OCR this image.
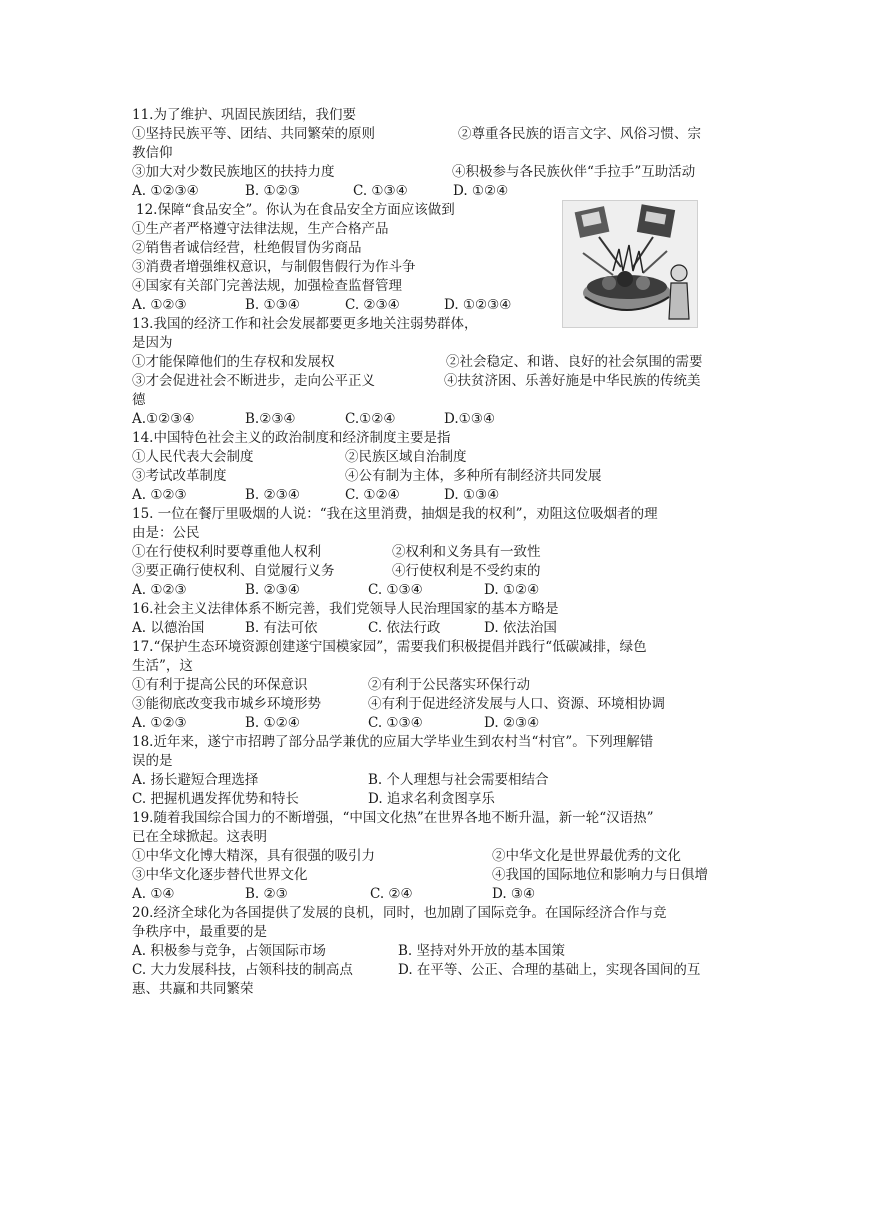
11.为了维护、巩固民族团结，我们要
①坚持民族平等、团结、共同繁荣的原则	②尊重各民族的语言文字、风俗习惯、宗
教信仰
③加大对少数民族地区的扶持力度	④积极参与各民族伙伴“手拉手”互助活动
A. ①②③④	B. ①②③	C. ①③④	D. ①②④
12.保障“食品安全”。你认为在食品安全方面应该做到
①生产者严格遵守法律法规，生产合格产品
②销售者诚信经营，杜绝假冒伪劣商品
③消费者增强维权意识，与制假售假行为作斗争
④国家有关部门完善法规，加强检查监督管理
A. ①②③	B. ①③④	C. ②③④	D. ①②③④
13.我国的经济工作和社会发展都要更多地关注弱势群体，
是因为
①才能保障他们的生存权和发展权	②社会稳定、和谐、良好的社会氛围的需要
③才会促进社会不断进步，走向公平正义	④扶贫济困、乐善好施是中华民族的传统美
德
A.①②③④	B.②③④	C.①②④	D.①③④
14.中国特色社会主义的政治制度和经济制度主要是指
①人民代表大会制度	②民族区域自治制度
③考试改革制度	④公有制为主体，多种所有制经济共同发展
A. ①②③	B. ②③④	C. ①②④	D. ①③④
15. 一位在餐厅里吸烟的人说：“我在这里消费，抽烟是我的权利”，劝阻这位吸烟者的理
由是：公民
①在行使权利时要尊重他人权利	②权利和义务具有一致性
③要正确行使权利、自觉履行义务	④行使权利是不受约束的
A. ①②③	B. ②③④	C. ①③④	D. ①②④
16.社会主义法律体系不断完善，我们党领导人民治理国家的基本方略是
A. 以德治国	B. 有法可依	C. 依法行政	D. 依法治国
17.“保护生态环境资源创建遂宁国模家园”，需要我们积极提倡并践行“低碳减排，绿色
生活”，这
①有利于提高公民的环保意识	②有利于公民落实环保行动
③能彻底改变我市城乡环境形势	④有利于促进经济发展与人口、资源、环境相协调
A. ①②③	B. ①②④	C. ①③④	D. ②③④
18.近年来，遂宁市招聘了部分品学兼优的应届大学毕业生到农村当“村官”。下列理解错
误的是
A. 扬长避短合理选择	B. 个人理想与社会需要相结合
C. 把握机遇发挥优势和特长	D. 追求名利贪图享乐
19.随着我国综合国力的不断增强，“中国文化热”在世界各地不断升温，新一轮“汉语热”
已在全球掀起。这表明
①中华文化博大精深，具有很强的吸引力	②中华文化是世界最优秀的文化
③中华文化逐步替代世界文化	④我国的国际地位和影响力与日俱增
A. ①④	B. ②③	C. ②④	D. ③④
20.经济全球化为各国提供了发展的良机，同时，也加剧了国际竞争。在国际经济合作与竞
争秩序中，最重要的是
A. 积极参与竞争，占领国际市场	B. 坚持对外开放的基本国策
C. 大力发展科技，占领科技的制高点	D. 在平等、公正、合理的基础上，实现各国间的互
惠、共赢和共同繁荣
